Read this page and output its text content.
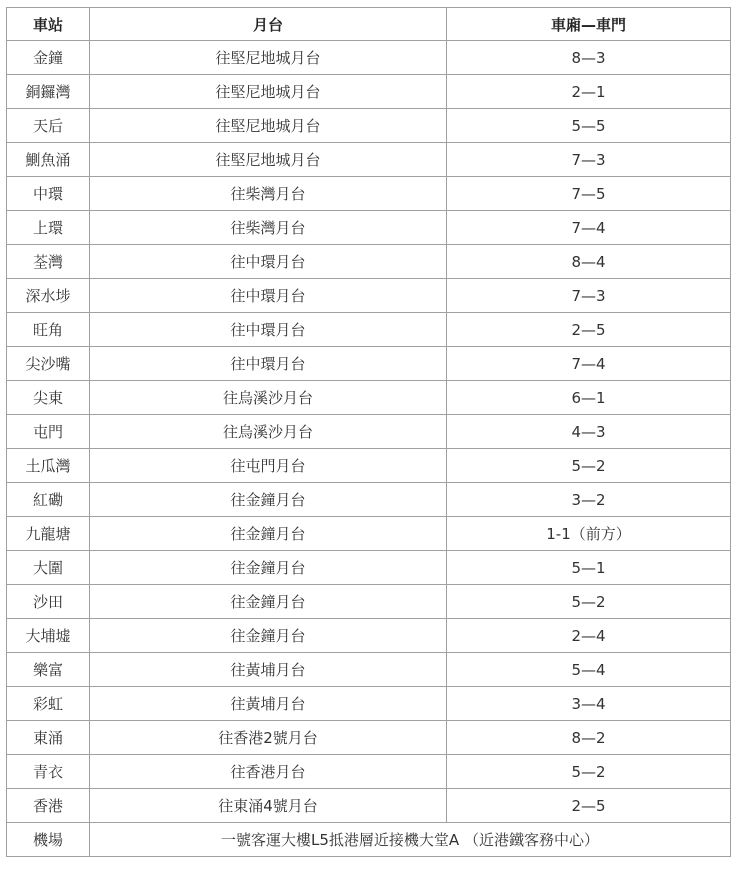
車站	月台	車廂—車門
金鐘	往堅尼地城月台	8—3
銅鑼灣	往堅尼地城月台	2—1
天后	往堅尼地城月台	5—5
鰂魚涌	往堅尼地城月台	7—3
中環	往柴灣月台	7—5
上環	往柴灣月台	7—4
荃灣	往中環月台	8—4
深水埗	往中環月台	7—3
旺角	往中環月台	2—5
尖沙嘴	往中環月台	7—4
尖東	往烏溪沙月台	6—1
屯門	往烏溪沙月台	4—3
土瓜灣	往屯門月台	5—2
紅磡	往金鐘月台	3—2
九龍塘	往金鐘月台	1-1（前方）
大圍	往金鐘月台	5—1
沙田	往金鐘月台	5—2
大埔墟	往金鐘月台	2—4
樂富	往黃埔月台	5—4
彩虹	往黃埔月台	3—4
東涌	往香港2號月台	8—2
青衣	往香港月台	5—2
香港	往東涌4號月台	2—5
機場	一號客運大樓L5抵港層近接機大堂A （近港鐵客務中心）	
